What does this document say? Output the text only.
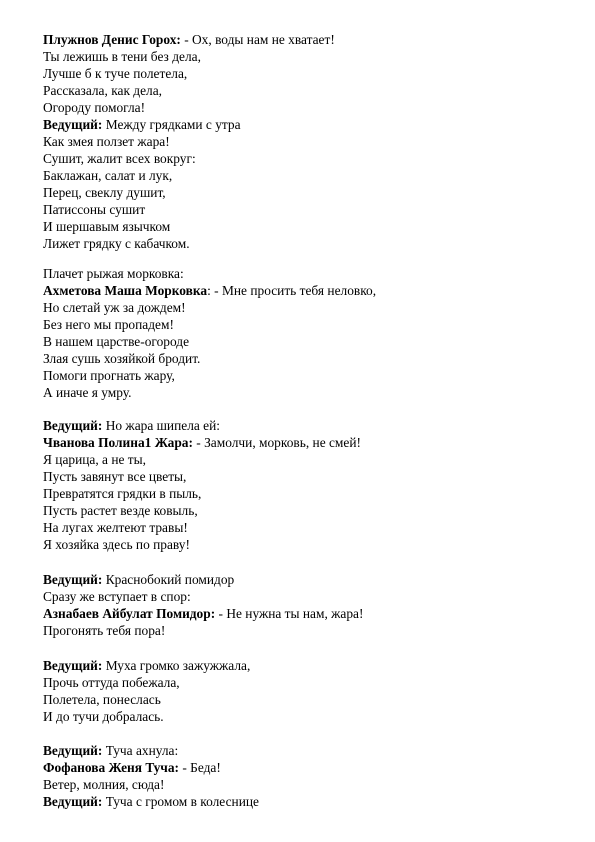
Плужнов Денис Горох: - Ох, воды нам не хватает!
Ты лежишь в тени без дела,
Лучше б к туче полетела,
Рассказала, как дела,
Огороду помогла!
Ведущий: Между грядками с утра
Как змея ползет жара!
Сушит, жалит всех вокруг:
Баклажан, салат и лук,
Перец, свеклу душит,
Патиссоны сушит
И шершавым язычком
Лижет грядку с кабачком.
Плачет рыжая морковка:
Ахметова Маша Морковка: - Мне просить тебя неловко,
Но слетай уж за дождем!
Без него мы пропадем!
В нашем царстве-огороде
Злая сушь хозяйкой бродит.
Помоги прогнать жару,
А иначе я умру.
Ведущий: Но жара шипела ей:
Чванова Полина1 Жара: - Замолчи, морковь, не смей!
Я царица, а не ты,
Пусть завянут все цветы,
Превратятся грядки в пыль,
Пусть растет везде ковыль,
На лугах желтеют травы!
Я хозяйка здесь по праву!
Ведущий: Краснобокий помидор
Сразу же вступает в спор:
Азнабаев Айбулат Помидор: - Не нужна ты нам, жара!
Прогонять тебя пора!
Ведущий: Муха громко зажужжала,
Прочь оттуда побежала,
Полетела, понеслась
И до тучи добралась.
Ведущий: Туча ахнула:
Фофанова Женя Туча: - Беда!
Ветер, молния, сюда!
Ведущий: Туча с громом в колеснице
